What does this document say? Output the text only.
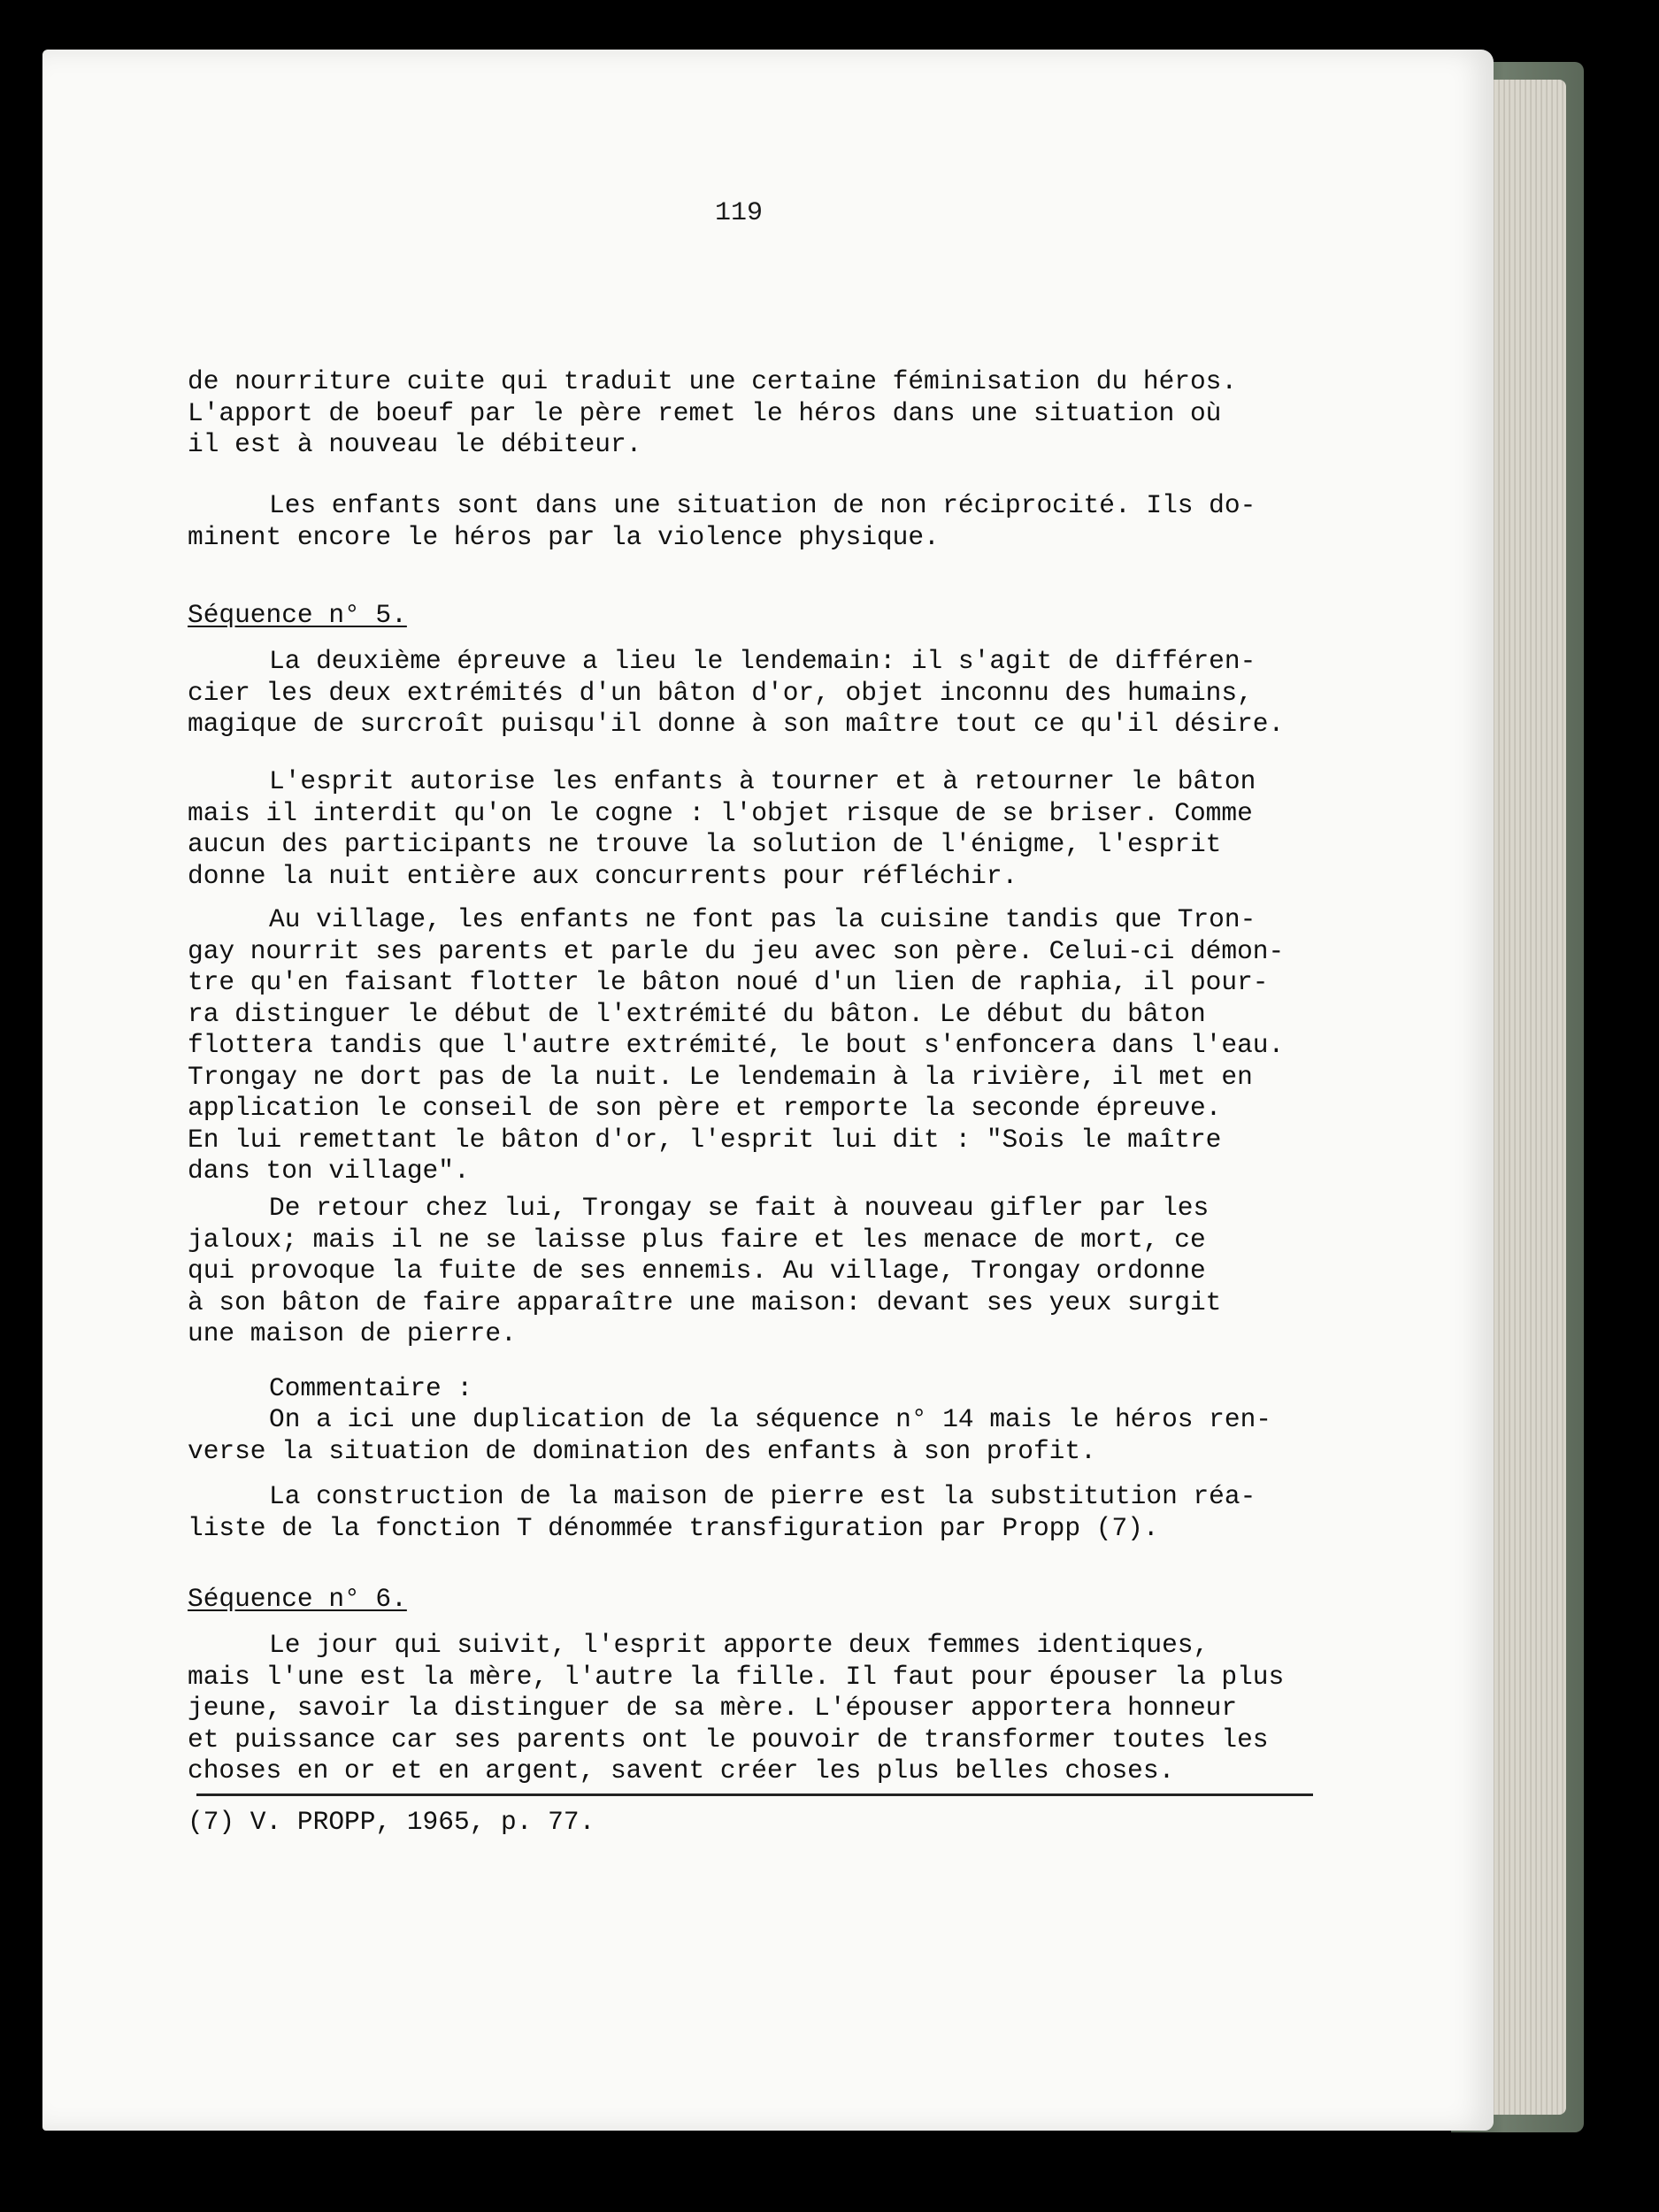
119
de nourriture cuite qui traduit une certaine féminisation du héros.
L'apport de boeuf par le père remet le héros dans une situation où
il est à nouveau le débiteur.
Les enfants sont dans une situation de non réciprocité. Ils do-
minent encore le héros par la violence physique.
Séquence n° 5.
La deuxième épreuve a lieu le lendemain: il s'agit de différen-
cier les deux extrémités d'un bâton d'or, objet inconnu des humains,
magique de surcroît puisqu'il donne à son maître tout ce qu'il désire.
L'esprit autorise les enfants à tourner et à retourner le bâton
mais il interdit qu'on le cogne : l'objet risque de se briser. Comme
aucun des participants ne trouve la solution de l'énigme, l'esprit
donne la nuit entière aux concurrents pour réfléchir.
Au village, les enfants ne font pas la cuisine tandis que Tron-
gay nourrit ses parents et parle du jeu avec son père. Celui-ci démon-
tre qu'en faisant flotter le bâton noué d'un lien de raphia, il pour-
ra distinguer le début de l'extrémité du bâton. Le début du bâton
flottera tandis que l'autre extrémité, le bout s'enfoncera dans l'eau.
Trongay ne dort pas de la nuit. Le lendemain à la rivière, il met en
application le conseil de son père et remporte la seconde épreuve.
En lui remettant le bâton d'or, l'esprit lui dit : "Sois le maître
dans ton village".
De retour chez lui, Trongay se fait à nouveau gifler par les
jaloux; mais il ne se laisse plus faire et les menace de mort, ce
qui provoque la fuite de ses ennemis. Au village, Trongay ordonne
à son bâton de faire apparaître une maison: devant ses yeux surgit
une maison de pierre.
Commentaire :
On a ici une duplication de la séquence n° 14 mais le héros ren-
verse la situation de domination des enfants à son profit.
La construction de la maison de pierre est la substitution réa-
liste de la fonction T dénommée transfiguration par Propp (7).
Séquence n° 6.
Le jour qui suivit, l'esprit apporte deux femmes identiques,
mais l'une est la mère, l'autre la fille. Il faut pour épouser la plus
jeune, savoir la distinguer de sa mère. L'épouser apportera honneur
et puissance car ses parents ont le pouvoir de transformer toutes les
choses en or et en argent, savent créer les plus belles choses.
(7) V. PROPP, 1965, p. 77.
